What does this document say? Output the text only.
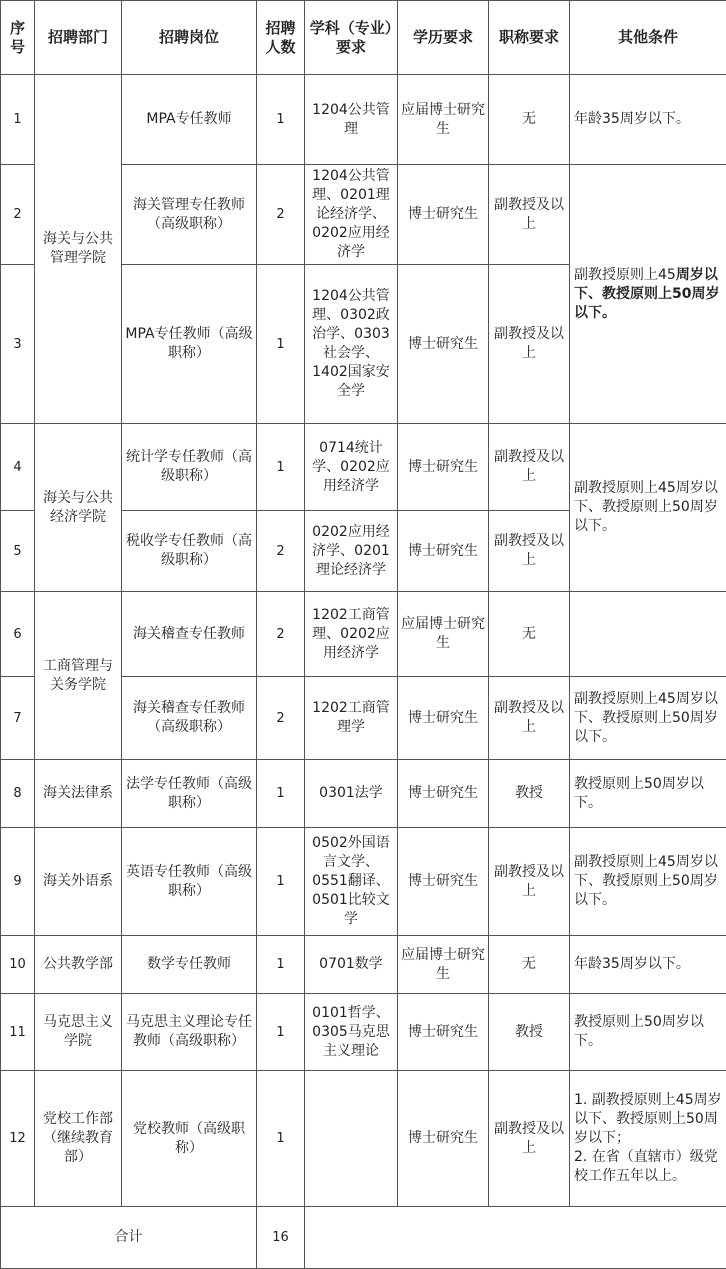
序号	招聘部门	招聘岗位	招聘人数	学科（专业）要求	学历要求	职称要求	其他条件
1	海关与公共管理学院	MPA专任教师	1	1204公共管理	应届博士研究生	无	年龄35周岁以下。
2		海关管理专任教师（高级职称）	2	1204公共管理、0201理论经济学、0202应用经济学	博士研究生	副教授及以上	副教授原则上45周岁以下、教授原则上50周岁以下。
3		MPA专任教师（高级职称）	1	1204公共管理、0302政治学、0303社会学、1402国家安全学	博士研究生	副教授及以上	
4	海关与公共经济学院	统计学专任教师（高级职称）	1	0714统计学、0202应用经济学	博士研究生	副教授及以上	副教授原则上45周岁以下、教授原则上50周岁以下。
5		税收学专任教师（高级职称）	2	0202应用经济学、0201理论经济学	博士研究生	副教授及以上	
6	工商管理与关务学院	海关稽查专任教师	2	1202工商管理、0202应用经济学	应届博士研究生	无	
7		海关稽查专任教师（高级职称）	2	1202工商管理学	博士研究生	副教授及以上	副教授原则上45周岁以下、教授原则上50周岁以下。
8	海关法律系	法学专任教师（高级职称）	1	0301法学	博士研究生	教授	教授原则上50周岁以下。
9	海关外语系	英语专任教师（高级职称）	1	0502外国语言文学、0551翻译、0501比较文学	博士研究生	副教授及以上	副教授原则上45周岁以下、教授原则上50周岁以下。
10	公共教学部	数学专任教师	1	0701数学	应届博士研究生	无	年龄35周岁以下。
11	马克思主义学院	马克思主义理论专任教师（高级职称）	1	0101哲学、0305马克思主义理论	博士研究生	教授	教授原则上50周岁以下。
12	党校工作部（继续教育部）	党校教师（高级职称）	1		博士研究生	副教授及以上	1. 副教授原则上45周岁以下、教授原则上50周岁以下；
2. 在省（直辖市）级党校工作五年以上。

合计			16				
